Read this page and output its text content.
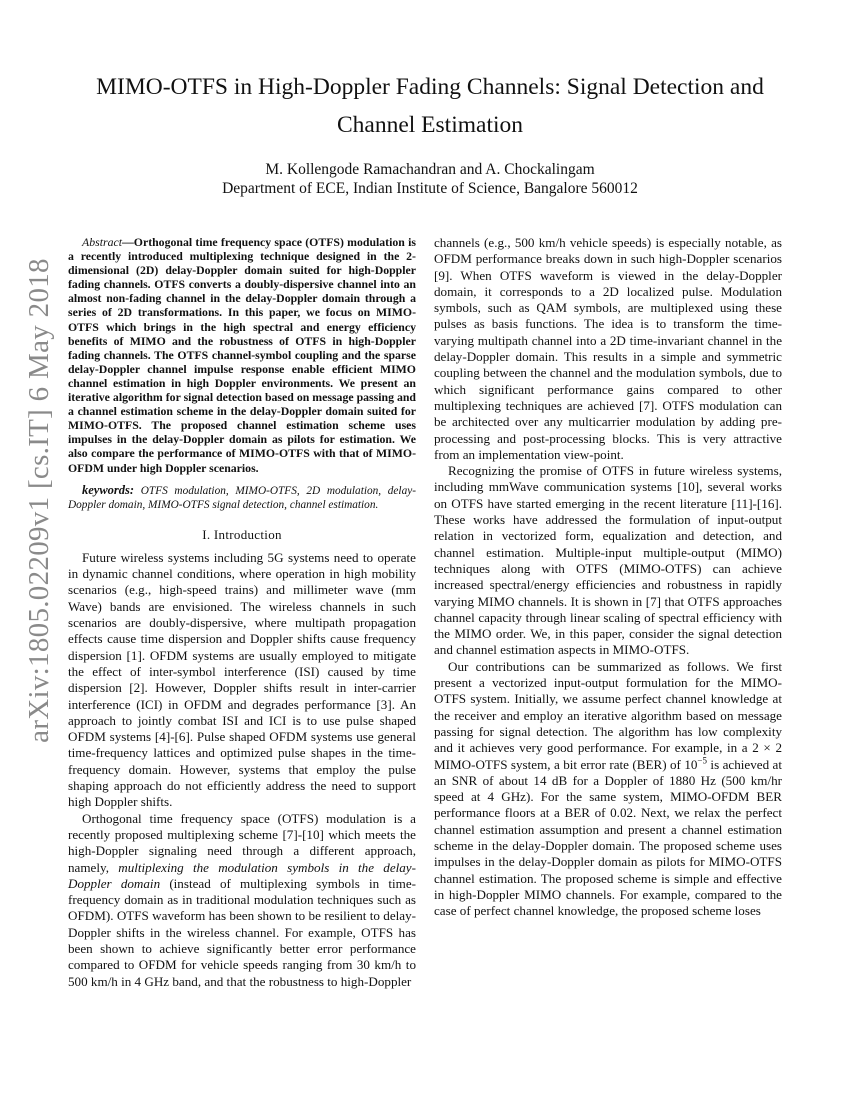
arXiv:1805.02209v1 [cs.IT] 6 May 2018
MIMO-OTFS in High-Doppler Fading Channels: Signal Detection and Channel Estimation
M. Kollengode Ramachandran and A. Chockalingam
Department of ECE, Indian Institute of Science, Bangalore 560012

Abstract—Orthogonal time frequency space (OTFS) modulation is a recently introduced multiplexing technique designed in the 2-dimensional (2D) delay-Doppler domain suited for high-Doppler fading channels. OTFS converts a doubly-dispersive channel into an almost non-fading channel in the delay-Doppler domain through a series of 2D transformations. In this paper, we focus on MIMO-OTFS which brings in the high spectral and energy efficiency benefits of MIMO and the robustness of OTFS in high-Doppler fading channels. The OTFS channel-symbol coupling and the sparse delay-Doppler channel impulse response enable efficient MIMO channel estimation in high Doppler environments. We present an iterative algorithm for signal detection based on message passing and a channel estimation scheme in the delay-Doppler domain suited for MIMO-OTFS. The proposed channel estimation scheme uses impulses in the delay-Doppler domain as pilots for estimation. We also compare the performance of MIMO-OTFS with that of MIMO-OFDM under high Doppler scenarios.

keywords: OTFS modulation, MIMO-OTFS, 2D modulation, delay-Doppler domain, MIMO-OTFS signal detection, channel estimation.

I. Introduction

Future wireless systems including 5G systems need to operate in dynamic channel conditions, where operation in high mobility scenarios (e.g., high-speed trains) and millimeter wave (mm Wave) bands are envisioned. The wireless channels in such scenarios are doubly-dispersive, where multipath propagation effects cause time dispersion and Doppler shifts cause frequency dispersion [1]. OFDM systems are usually employed to mitigate the effect of inter-symbol interference (ISI) caused by time dispersion [2]. However, Doppler shifts result in inter-carrier interference (ICI) in OFDM and degrades performance [3]. An approach to jointly combat ISI and ICI is to use pulse shaped OFDM systems [4]-[6]. Pulse shaped OFDM systems use general time-frequency lattices and optimized pulse shapes in the time-frequency domain. However, systems that employ the pulse shaping approach do not efficiently address the need to support high Doppler shifts.

Orthogonal time frequency space (OTFS) modulation is a recently proposed multiplexing scheme [7]-[10] which meets the high-Doppler signaling need through a different approach, namely, multiplexing the modulation symbols in the delay-Doppler domain (instead of multiplexing symbols in time-frequency domain as in traditional modulation techniques such as OFDM). OTFS waveform has been shown to be resilient to delay-Doppler shifts in the wireless channel. For example, OTFS has been shown to achieve significantly better error performance compared to OFDM for vehicle speeds ranging from 30 km/h to 500 km/h in 4 GHz band, and that the robustness to high-Doppler

channels (e.g., 500 km/h vehicle speeds) is especially notable, as OFDM performance breaks down in such high-Doppler scenarios [9]. When OTFS waveform is viewed in the delay-Doppler domain, it corresponds to a 2D localized pulse. Modulation symbols, such as QAM symbols, are multiplexed using these pulses as basis functions. The idea is to transform the time-varying multipath channel into a 2D time-invariant channel in the delay-Doppler domain. This results in a simple and symmetric coupling between the channel and the modulation symbols, due to which significant performance gains compared to other multiplexing techniques are achieved [7]. OTFS modulation can be architected over any multicarrier modulation by adding pre-processing and post-processing blocks. This is very attractive from an implementation view-point.

Recognizing the promise of OTFS in future wireless systems, including mmWave communication systems [10], several works on OTFS have started emerging in the recent literature [11]-[16]. These works have addressed the formulation of input-output relation in vectorized form, equalization and detection, and channel estimation. Multiple-input multiple-output (MIMO) techniques along with OTFS (MIMO-OTFS) can achieve increased spectral/energy efficiencies and robustness in rapidly varying MIMO channels. It is shown in [7] that OTFS approaches channel capacity through linear scaling of spectral efficiency with the MIMO order. We, in this paper, consider the signal detection and channel estimation aspects in MIMO-OTFS.

Our contributions can be summarized as follows. We first present a vectorized input-output formulation for the MIMO-OTFS system. Initially, we assume perfect channel knowledge at the receiver and employ an iterative algorithm based on message passing for signal detection. The algorithm has low complexity and it achieves very good performance. For example, in a 2 × 2 MIMO-OTFS system, a bit error rate (BER) of $10^{-5}$ is achieved at an SNR of about 14 dB for a Doppler of 1880 Hz (500 km/hr speed at 4 GHz). For the same system, MIMO-OFDM BER performance floors at a BER of 0.02. Next, we relax the perfect channel estimation assumption and present a channel estimation scheme in the delay-Doppler domain. The proposed scheme uses impulses in the delay-Doppler domain as pilots for MIMO-OTFS channel estimation. The proposed scheme is simple and effective in high-Doppler MIMO channels. For example, compared to the case of perfect channel knowledge, the proposed scheme loses
